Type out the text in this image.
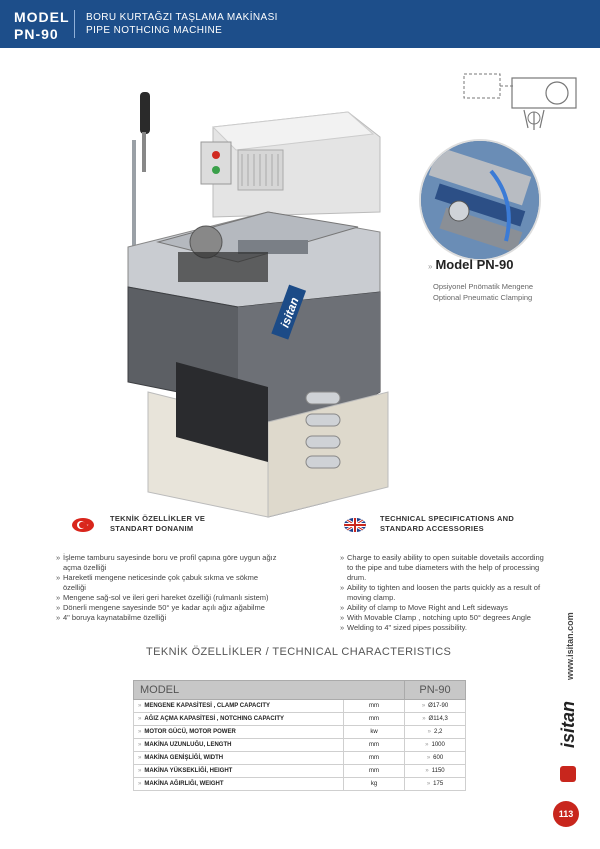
MODEL
PN-90
BORU KURTAĞZI TAŞLAMA MAKİNASI
PIPE NOTHCING MACHINE
isitan
» Model PN-90
Opsiyonel Pnömatik Mengene
Optional Pneumatic Clamping
TEKNİK ÖZELLİKLER VE
STANDART DONANIM
» İşleme tamburu sayesinde boru ve profil çapına göre uygun ağız
açma özelliği
» Hareketli mengene neticesinde çok çabuk sıkma ve sökme
özelliği
» Mengene sağ-sol ve ileri geri hareket özelliği (rulmanlı sistem)
» Dönerli mengene sayesinde 50° ye kadar açılı ağız ağabilme
» 4" boruya kaynatabilme özelliği
TECHNICAL SPECIFICATIONS AND
STANDARD ACCESSORIES
» Charge to easily ability to open suitable dovetails according
to the pipe and tube diameters with the help of processing
drum.
» Ability to tighten and loosen the parts quickly as a result of
moving clamp.
» Ability of clamp to Move Right and Left sideways
» With Movable Clamp , notching upto 50° degrees Angle
» Welding to 4" sized pipes possibility.
TEKNİK ÖZELLİKLER / TECHNICAL CHARACTERISTICS
MODEL		PN-90
» MENGENE KAPASİTESİ , CLAMP CAPACITY	mm	» Ø17-90
» AĞIZ AÇMA KAPASİTESİ , NOTCHING CAPACITY	mm	» Ø114,3
» MOTOR GÜCÜ, MOTOR POWER	kw	» 2,2
» MAKİNA UZUNLUĞU, LENGTH	mm	» 1000
» MAKİNA GENİŞLİĞİ, WIDTH	mm	» 600
» MAKİNA YÜKSEKLİĞİ, HEIGHT	mm	» 1150
» MAKİNA AĞIRLIĞI, WEIGHT	kg	» 175
www.isitan.com
isitan
113
